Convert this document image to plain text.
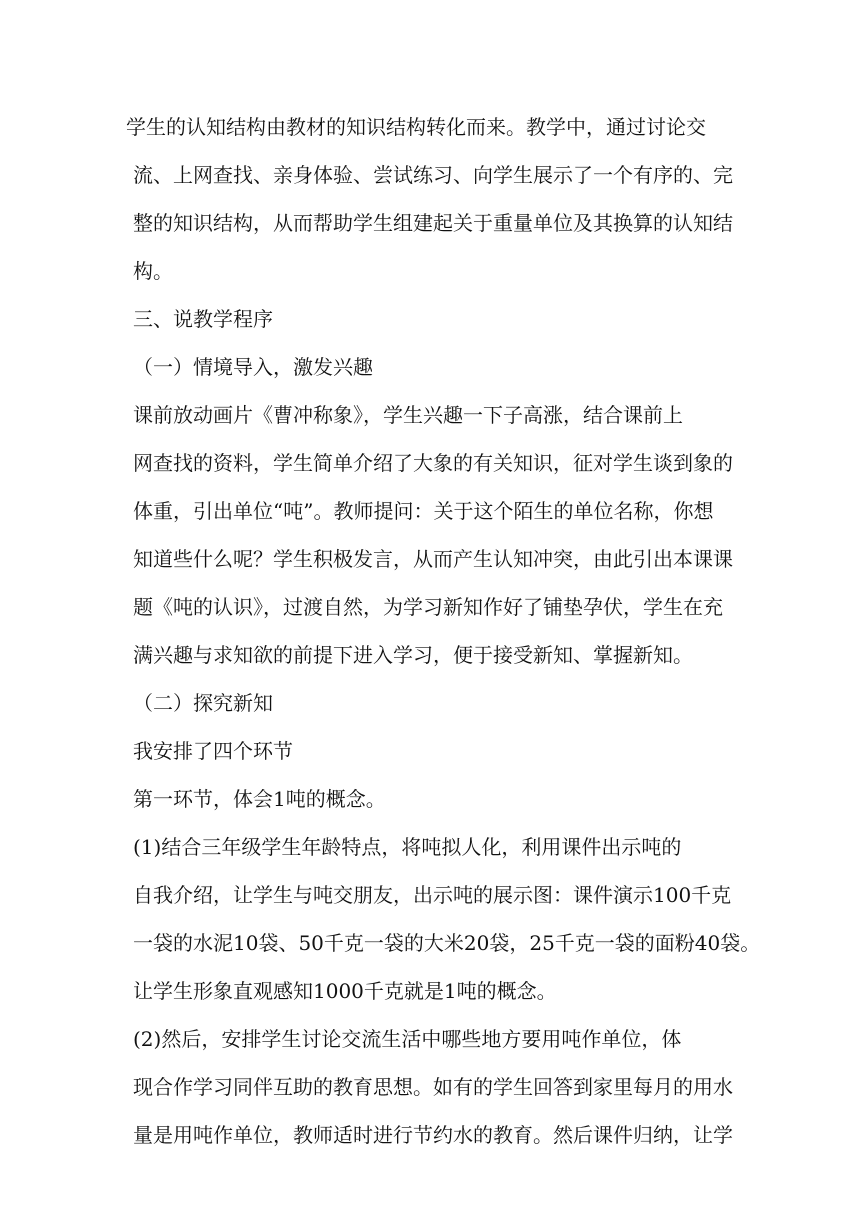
学生的认知结构由教材的知识结构转化而来。教学中，通过讨论交
流、上网查找、亲身体验、尝试练习、向学生展示了一个有序的、完
整的知识结构，从而帮助学生组建起关于重量单位及其换算的认知结
构。
三、说教学程序
（一）情境导入，激发兴趣
课前放动画片《曹冲称象》，学生兴趣一下子高涨，结合课前上
网查找的资料，学生简单介绍了大象的有关知识，征对学生谈到象的
体重，引出单位“吨”。教师提问：关于这个陌生的单位名称，你想
知道些什么呢？学生积极发言，从而产生认知冲突，由此引出本课课
题《吨的认识》，过渡自然，为学习新知作好了铺垫孕伏，学生在充
满兴趣与求知欲的前提下进入学习，便于接受新知、掌握新知。
（二）探究新知
我安排了四个环节
第一环节，体会1吨的概念。
(1)结合三年级学生年龄特点，将吨拟人化，利用课件出示吨的
自我介绍，让学生与吨交朋友，出示吨的展示图：课件演示100千克
一袋的水泥10袋、50千克一袋的大米20袋，25千克一袋的面粉40袋。
让学生形象直观感知1000千克就是1吨的概念。
(2)然后，安排学生讨论交流生活中哪些地方要用吨作单位，体
现合作学习同伴互助的教育思想。如有的学生回答到家里每月的用水
量是用吨作单位，教师适时进行节约水的教育。然后课件归纳，让学
